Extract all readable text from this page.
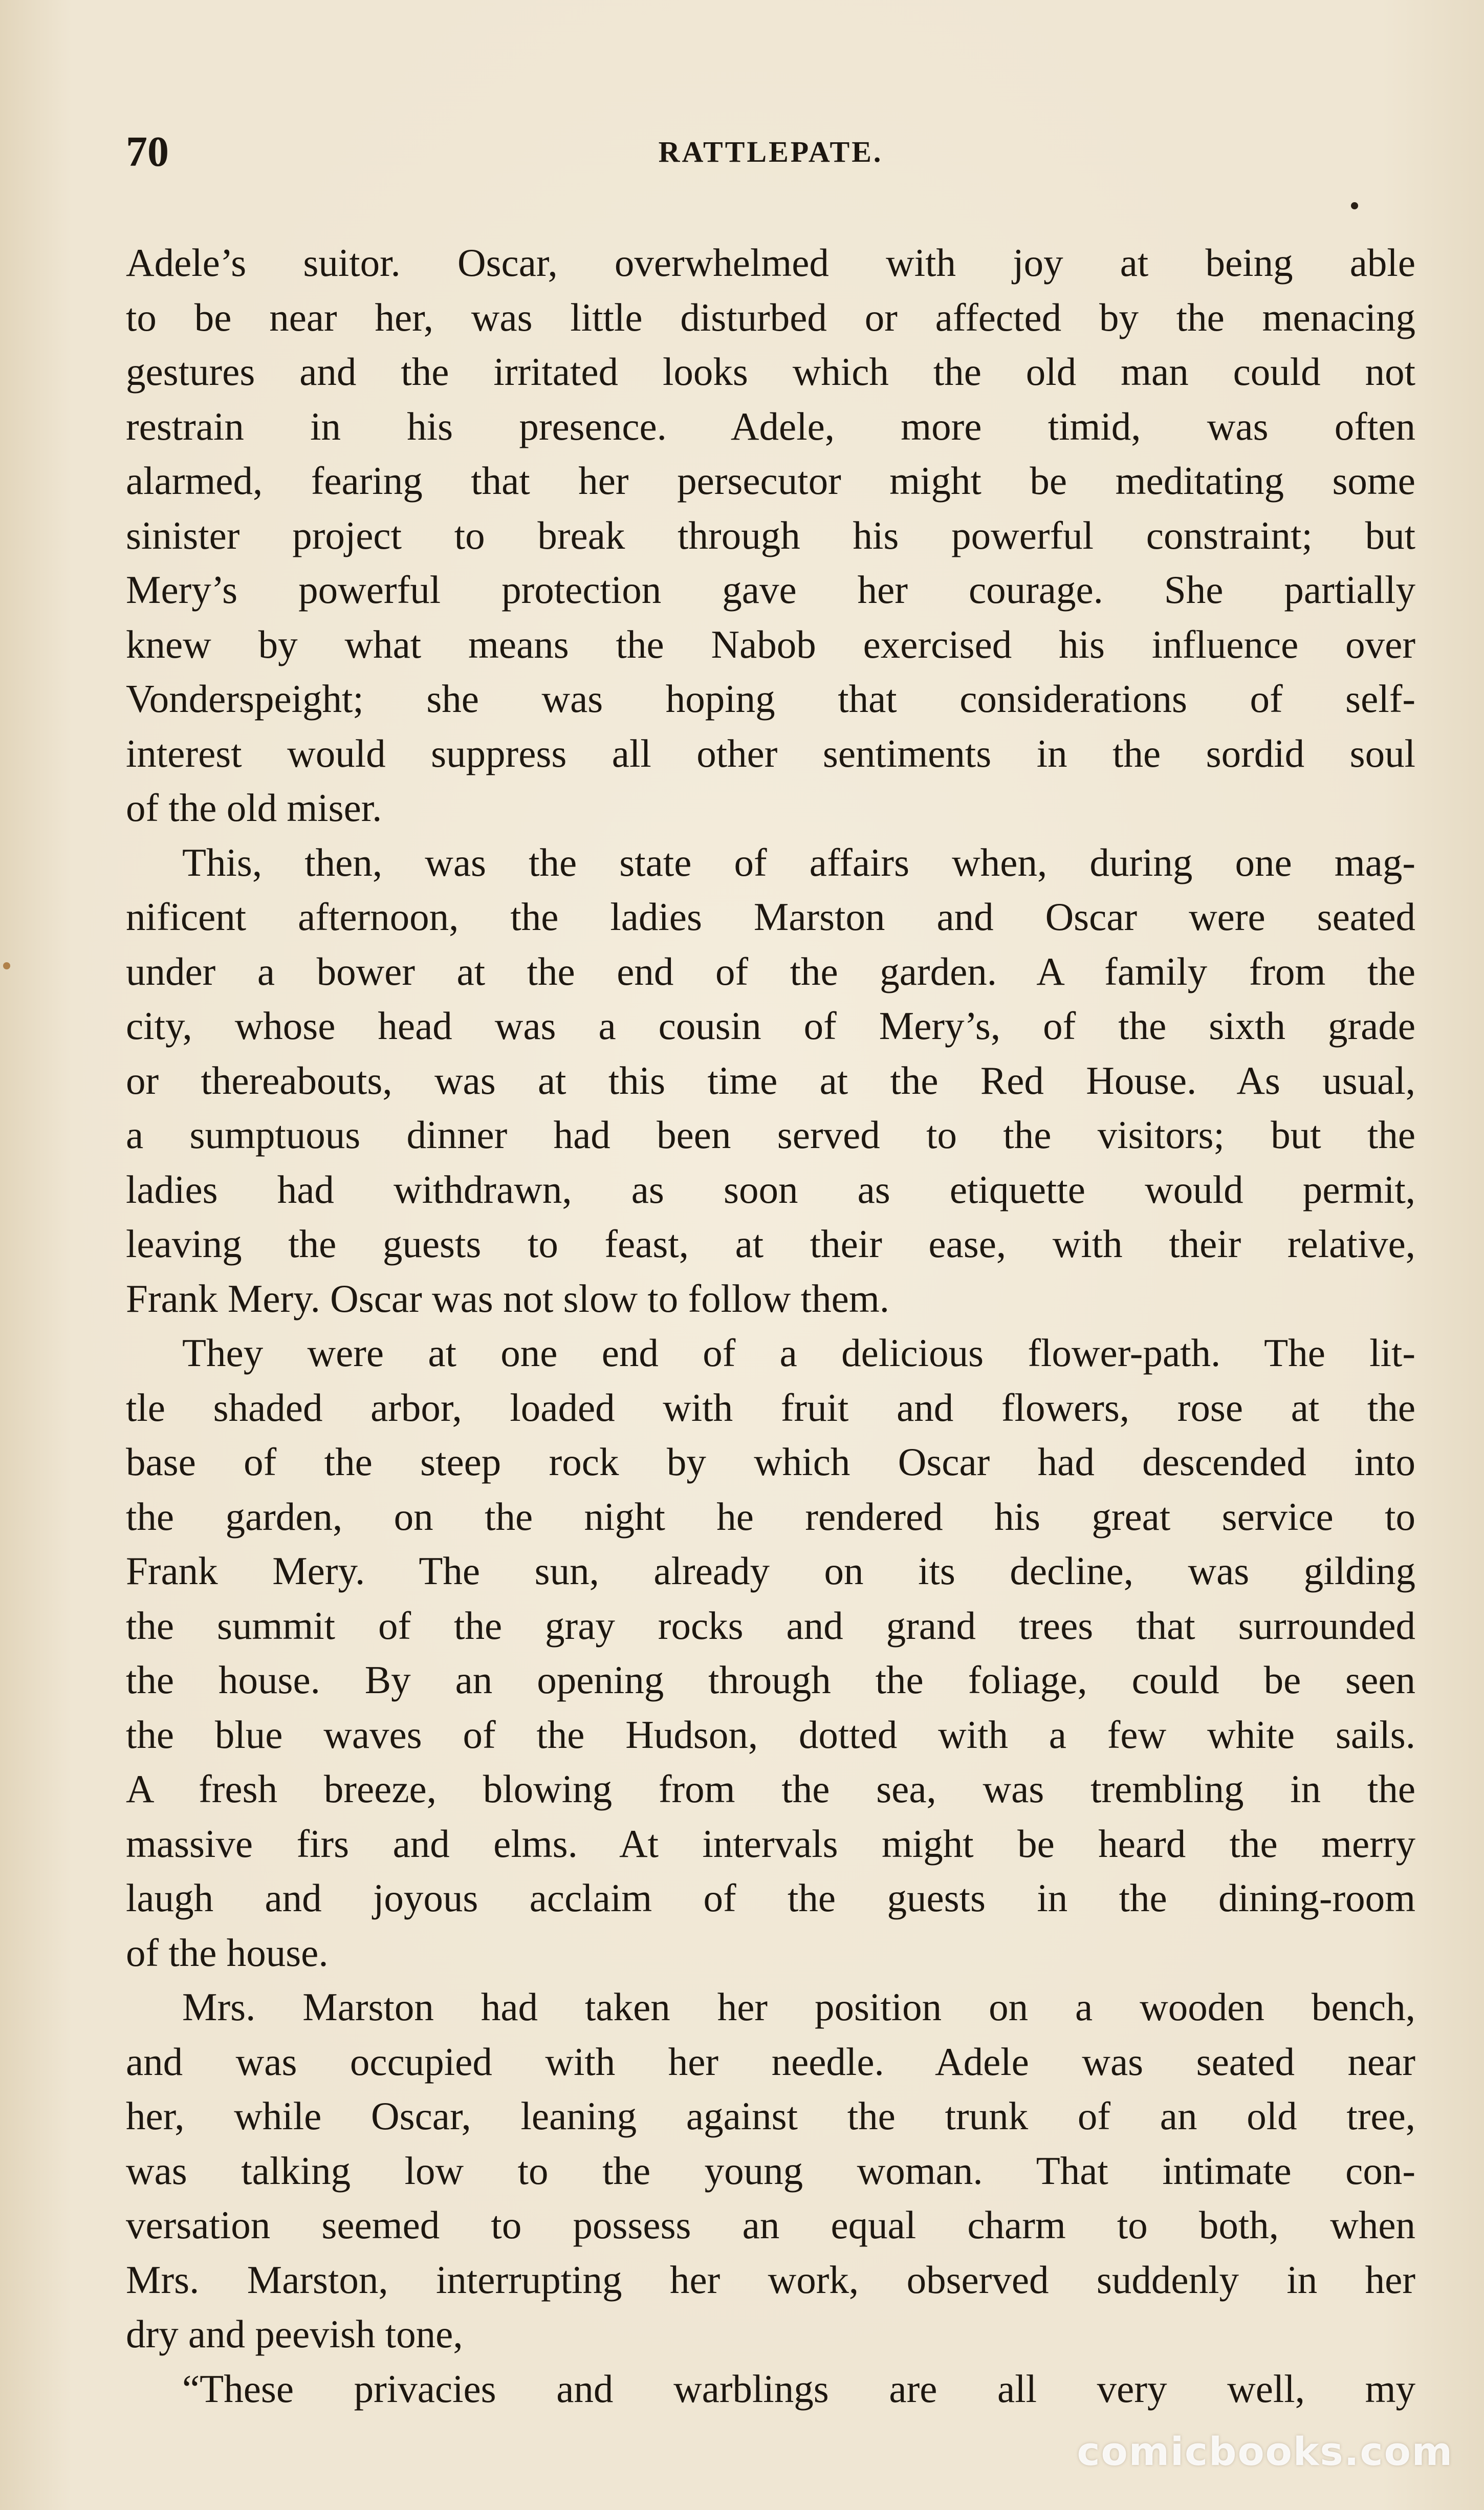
70	RATTLEPATE.
Adele’s suitor. Oscar, overwhelmed with joy at being able
to be near her, was little disturbed or affected by the menacing
gestures and the irritated looks which the old man could not
restrain in his presence. Adele, more timid, was often
alarmed, fearing that her persecutor might be meditating some
sinister project to break through his powerful constraint; but
Mery’s powerful protection gave her courage. She partially
knew by what means the Nabob exercised his influence over
Vonderspeight; she was hoping that considerations of self-
interest would suppress all other sentiments in the sordid soul
of the old miser.
This, then, was the state of affairs when, during one mag-
nificent afternoon, the ladies Marston and Oscar were seated
under a bower at the end of the garden. A family from the
city, whose head was a cousin of Mery’s, of the sixth grade
or thereabouts, was at this time at the Red House. As usual,
a sumptuous dinner had been served to the visitors; but the
ladies had withdrawn, as soon as etiquette would permit,
leaving the guests to feast, at their ease, with their relative,
Frank Mery. Oscar was not slow to follow them.
They were at one end of a delicious flower-path. The lit-
tle shaded arbor, loaded with fruit and flowers, rose at the
base of the steep rock by which Oscar had descended into
the garden, on the night he rendered his great service to
Frank Mery. The sun, already on its decline, was gilding
the summit of the gray rocks and grand trees that surrounded
the house. By an opening through the foliage, could be seen
the blue waves of the Hudson, dotted with a few white sails.
A fresh breeze, blowing from the sea, was trembling in the
massive firs and elms. At intervals might be heard the merry
laugh and joyous acclaim of the guests in the dining-room
of the house.
Mrs. Marston had taken her position on a wooden bench,
and was occupied with her needle. Adele was seated near
her, while Oscar, leaning against the trunk of an old tree,
was talking low to the young woman. That intimate con-
versation seemed to possess an equal charm to both, when
Mrs. Marston, interrupting her work, observed suddenly in her
dry and peevish tone,
“These privacies and warblings are all very well, my
comicbooks.com
